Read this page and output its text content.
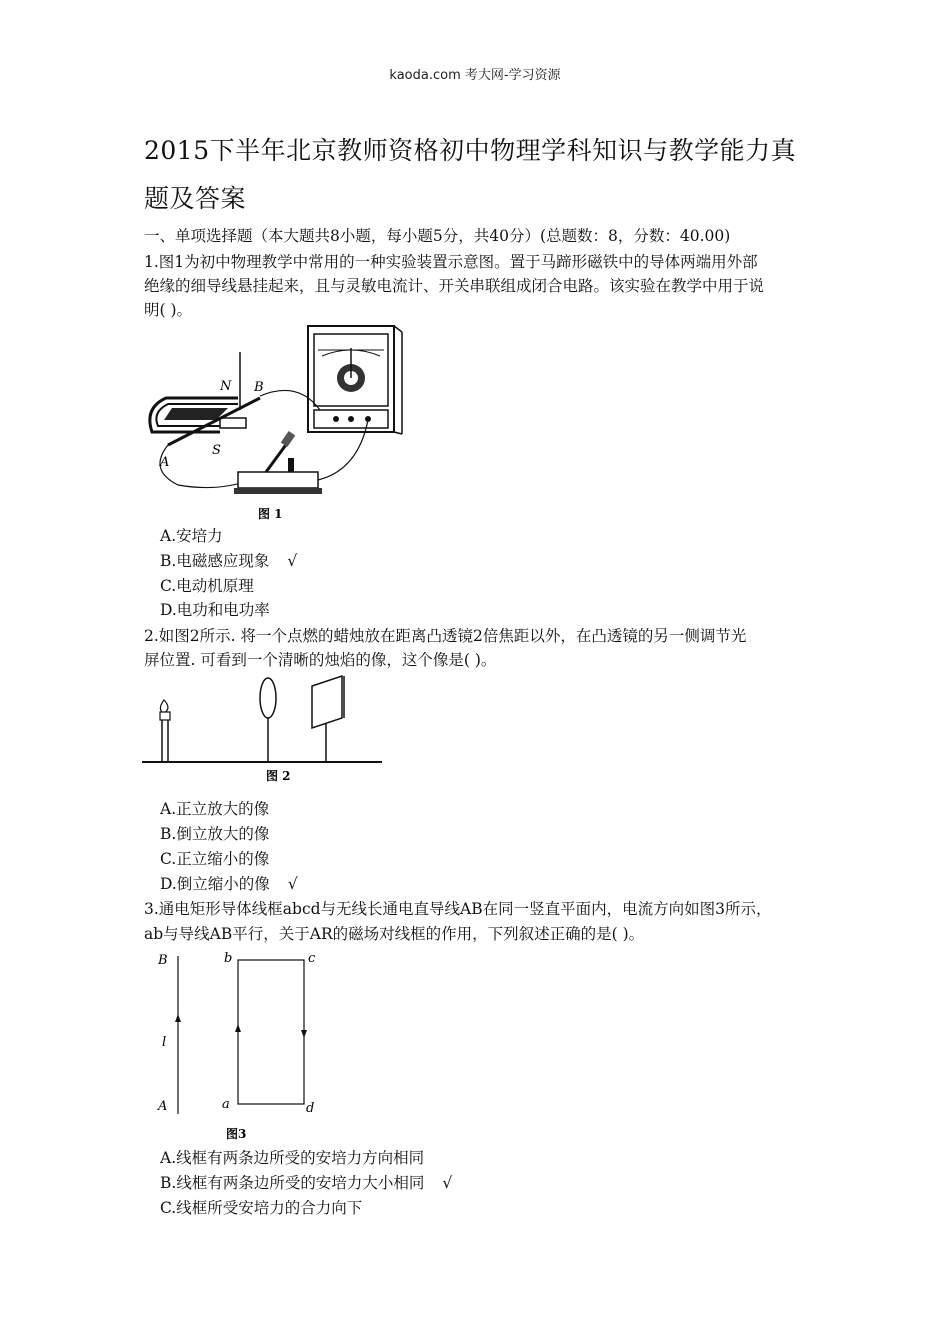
kaoda.com 考大网-学习资源
2015下半年北京教师资格初中物理学科知识与教学能力真
题及答案
一、单项选择题（本大题共8小题，每小题5分，共40分）(总题数：8，分数：40.00)
1.图1为初中物理教学中常用的一种实验装置示意图。置于马蹄形磁铁中的导体两端用外部
绝缘的细导线悬挂起来，且与灵敏电流计、开关串联组成闭合电路。该实验在教学中用于说
明( )。
N B
A
S
图 1
A.安培力
B.电磁感应现象 √
C.电动机原理
D.电功和电功率
2.如图2所示. 将一个点燃的蜡烛放在距离凸透镜2倍焦距以外，在凸透镜的另一侧调节光
屏位置. 可看到一个清晰的烛焰的像，这个像是( )。
图 2
A.正立放大的像
B.倒立放大的像
C.正立缩小的像
D.倒立缩小的像 √
3.通电矩形导体线框abcd与无线长通电直导线AB在同一竖直平面内，电流方向如图3所示，
ab与导线AB平行，关于AR的磁场对线框的作用，下列叙述正确的是( )。
B	b	c
l
A	a	d
图3
A.线框有两条边所受的安培力方向相同
B.线框有两条边所受的安培力大小相同 √
C.线框所受安培力的合力向下
